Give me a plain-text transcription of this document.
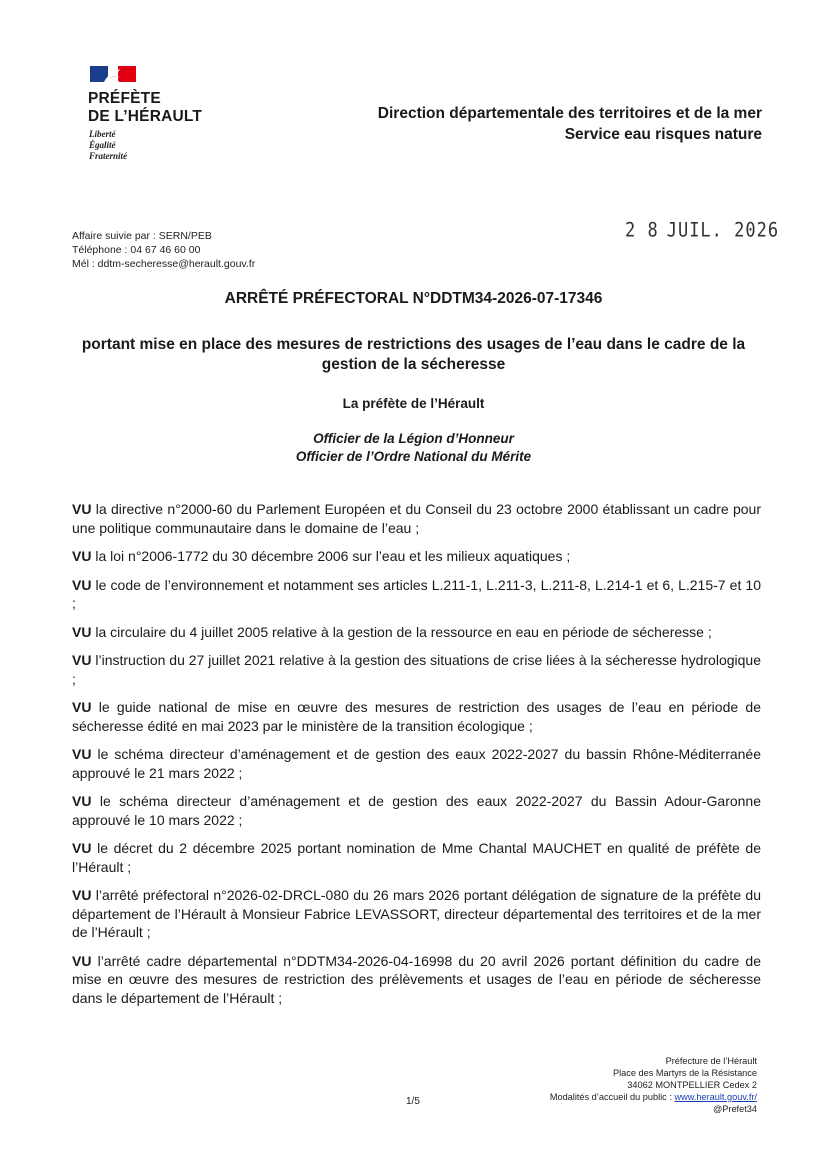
PRÉFÈTE
DE L’HÉRAULT
Liberté
Égalité
Fraternité
Direction départementale des territoires et de la mer
Service eau risques nature
Affaire suivie par : SERN/PEB
Téléphone : 04 67 46 60 00
Mél : ddtm-secheresse@herault.gouv.fr
2 8 JUIL. 2026
ARRÊTÉ PRÉFECTORAL N°DDTM34-2026-07-17346
portant mise en place des mesures de restrictions des usages de l’eau dans le cadre de la gestion de la sécheresse
La préfète de l’Hérault
Officier de la Légion d’Honneur
Officier de l’Ordre National du Mérite

VU la directive n°2000-60 du Parlement Européen et du Conseil du 23 octobre 2000 établissant un cadre pour une politique communautaire dans le domaine de l’eau ;

VU la loi n°2006-1772 du 30 décembre 2006 sur l’eau et les milieux aquatiques ;

VU le code de l’environnement et notamment ses articles L.211-1, L.211-3, L.211-8, L.214-1 et 6, L.215-7 et 10 ;

VU la circulaire du 4 juillet 2005 relative à la gestion de la ressource en eau en période de sécheresse ;

VU l’instruction du 27 juillet 2021 relative à la gestion des situations de crise liées à la sécheresse hydrologique ;

VU le guide national de mise en œuvre des mesures de restriction des usages de l’eau en période de sécheresse édité en mai 2023 par le ministère de la transition écologique ;

VU le schéma directeur d’aménagement et de gestion des eaux 2022-2027 du bassin Rhône-Méditerranée approuvé le 21 mars 2022 ;

VU le schéma directeur d’aménagement et de gestion des eaux 2022-2027 du Bassin Adour-Garonne approuvé le 10 mars 2022 ;

VU le décret du 2 décembre 2025 portant nomination de Mme Chantal MAUCHET en qualité de préfète de l’Hérault ;

VU l’arrêté préfectoral n°2026-02-DRCL-080 du 26 mars 2026 portant délégation de signature de la préfète du département de l’Hérault à Monsieur Fabrice LEVASSORT, directeur départemental des territoires et de la mer de l’Hérault ;

VU l’arrêté cadre départemental n°DDTM34-2026-04-16998 du 20 avril 2026 portant définition du cadre de mise en œuvre des mesures de restriction des prélèvements et usages de l’eau en période de sécheresse dans le département de l’Hérault ;

Préfecture de l’Hérault
Place des Martyrs de la Résistance
34062 MONTPELLIER Cedex 2
Modalités d’accueil du public : www.herault.gouv.fr/
@Prefet34
1/5
